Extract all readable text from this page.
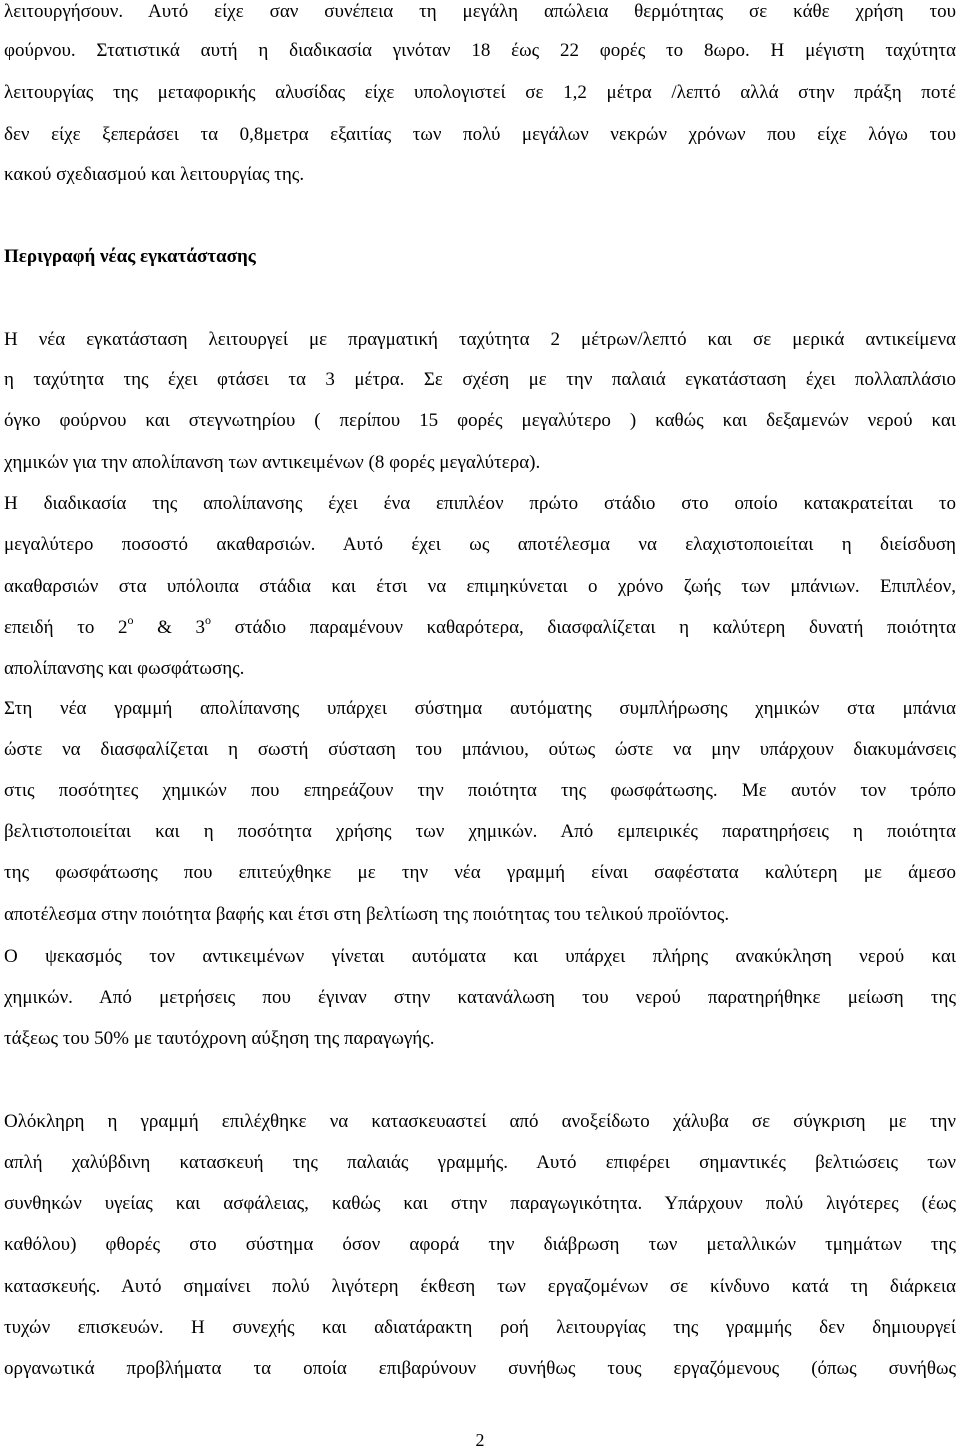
λειτουργήσουν. Αυτό είχε σαν συνέπεια τη μεγάλη απώλεια θερμότητας σε κάθε χρήση του
φούρνου. Στατιστικά αυτή η διαδικασία γινόταν 18 έως 22 φορές το 8ωρο. Η μέγιστη ταχύτητα
λειτουργίας της μεταφορικής αλυσίδας είχε υπολογιστεί σε 1,2 μέτρα /λεπτό αλλά στην πράξη ποτέ
δεν είχε ξεπεράσει τα 0,8μετρα εξαιτίας των πολύ μεγάλων νεκρών χρόνων που είχε λόγω του
κακού σχεδιασμού και λειτουργίας της.
Περιγραφή νέας εγκατάστασης
Η νέα εγκατάσταση λειτουργεί με πραγματική ταχύτητα 2 μέτρων/λεπτό και σε μερικά αντικείμενα
η ταχύτητα της έχει φτάσει τα 3 μέτρα. Σε σχέση με την παλαιά εγκατάσταση έχει πολλαπλάσιο
όγκο φούρνου και στεγνωτηρίου ( περίπου 15 φορές μεγαλύτερο ) καθώς και δεξαμενών νερού και
χημικών για την απολίπανση των αντικειμένων (8 φορές μεγαλύτερα).
Η διαδικασία της απολίπανσης έχει ένα επιπλέον πρώτο στάδιο στο οποίο κατακρατείται το
μεγαλύτερο ποσοστό ακαθαρσιών. Αυτό έχει ως αποτέλεσμα να ελαχιστοποιείται η διείσδυση
ακαθαρσιών στα υπόλοιπα στάδια και έτσι να επιμηκύνεται ο χρόνο ζωής των μπάνιων. Επιπλέον,
επειδή το $2^o$ & $3^o$ στάδιο παραμένουν καθαρότερα, διασφαλίζεται η καλύτερη δυνατή ποιότητα
απολίπανσης και φωσφάτωσης.
Στη νέα γραμμή απολίπανσης υπάρχει σύστημα αυτόματης συμπλήρωσης χημικών στα μπάνια
ώστε να διασφαλίζεται η σωστή σύσταση του μπάνιου, ούτως ώστε να μην υπάρχουν διακυμάνσεις
στις ποσότητες χημικών που επηρεάζουν την ποιότητα της φωσφάτωσης. Με αυτόν τον τρόπο
βελτιστοποιείται και η ποσότητα χρήσης των χημικών. Από εμπειρικές παρατηρήσεις η ποιότητα
της φωσφάτωσης που επιτεύχθηκε με την νέα γραμμή είναι σαφέστατα καλύτερη με άμεσο
αποτέλεσμα στην ποιότητα βαφής και έτσι στη βελτίωση της ποιότητας του τελικού προϊόντος.
Ο ψεκασμός τον αντικειμένων γίνεται αυτόματα και υπάρχει πλήρης ανακύκληση νερού και
χημικών. Από μετρήσεις που έγιναν στην κατανάλωση του νερού παρατηρήθηκε μείωση της
τάξεως του 50% με ταυτόχρονη αύξηση της παραγωγής.
Ολόκληρη η γραμμή επιλέχθηκε να κατασκευαστεί από ανοξείδωτο χάλυβα σε σύγκριση με την
απλή χαλύβδινη κατασκευή της παλαιάς γραμμής. Αυτό επιφέρει σημαντικές βελτιώσεις των
συνθηκών υγείας και ασφάλειας, καθώς και στην παραγωγικότητα. Υπάρχουν πολύ λιγότερες (έως
καθόλου) φθορές στο σύστημα όσον αφορά την διάβρωση των μεταλλικών τμημάτων της
κατασκευής. Αυτό σημαίνει πολύ λιγότερη έκθεση των εργαζομένων σε κίνδυνο κατά τη διάρκεια
τυχών επισκευών. Η συνεχής και αδιατάρακτη ροή λειτουργίας της γραμμής δεν δημιουργεί
οργανωτικά προβλήματα τα οποία επιβαρύνουν συνήθως τους εργαζόμενους (όπως συνήθως
2
